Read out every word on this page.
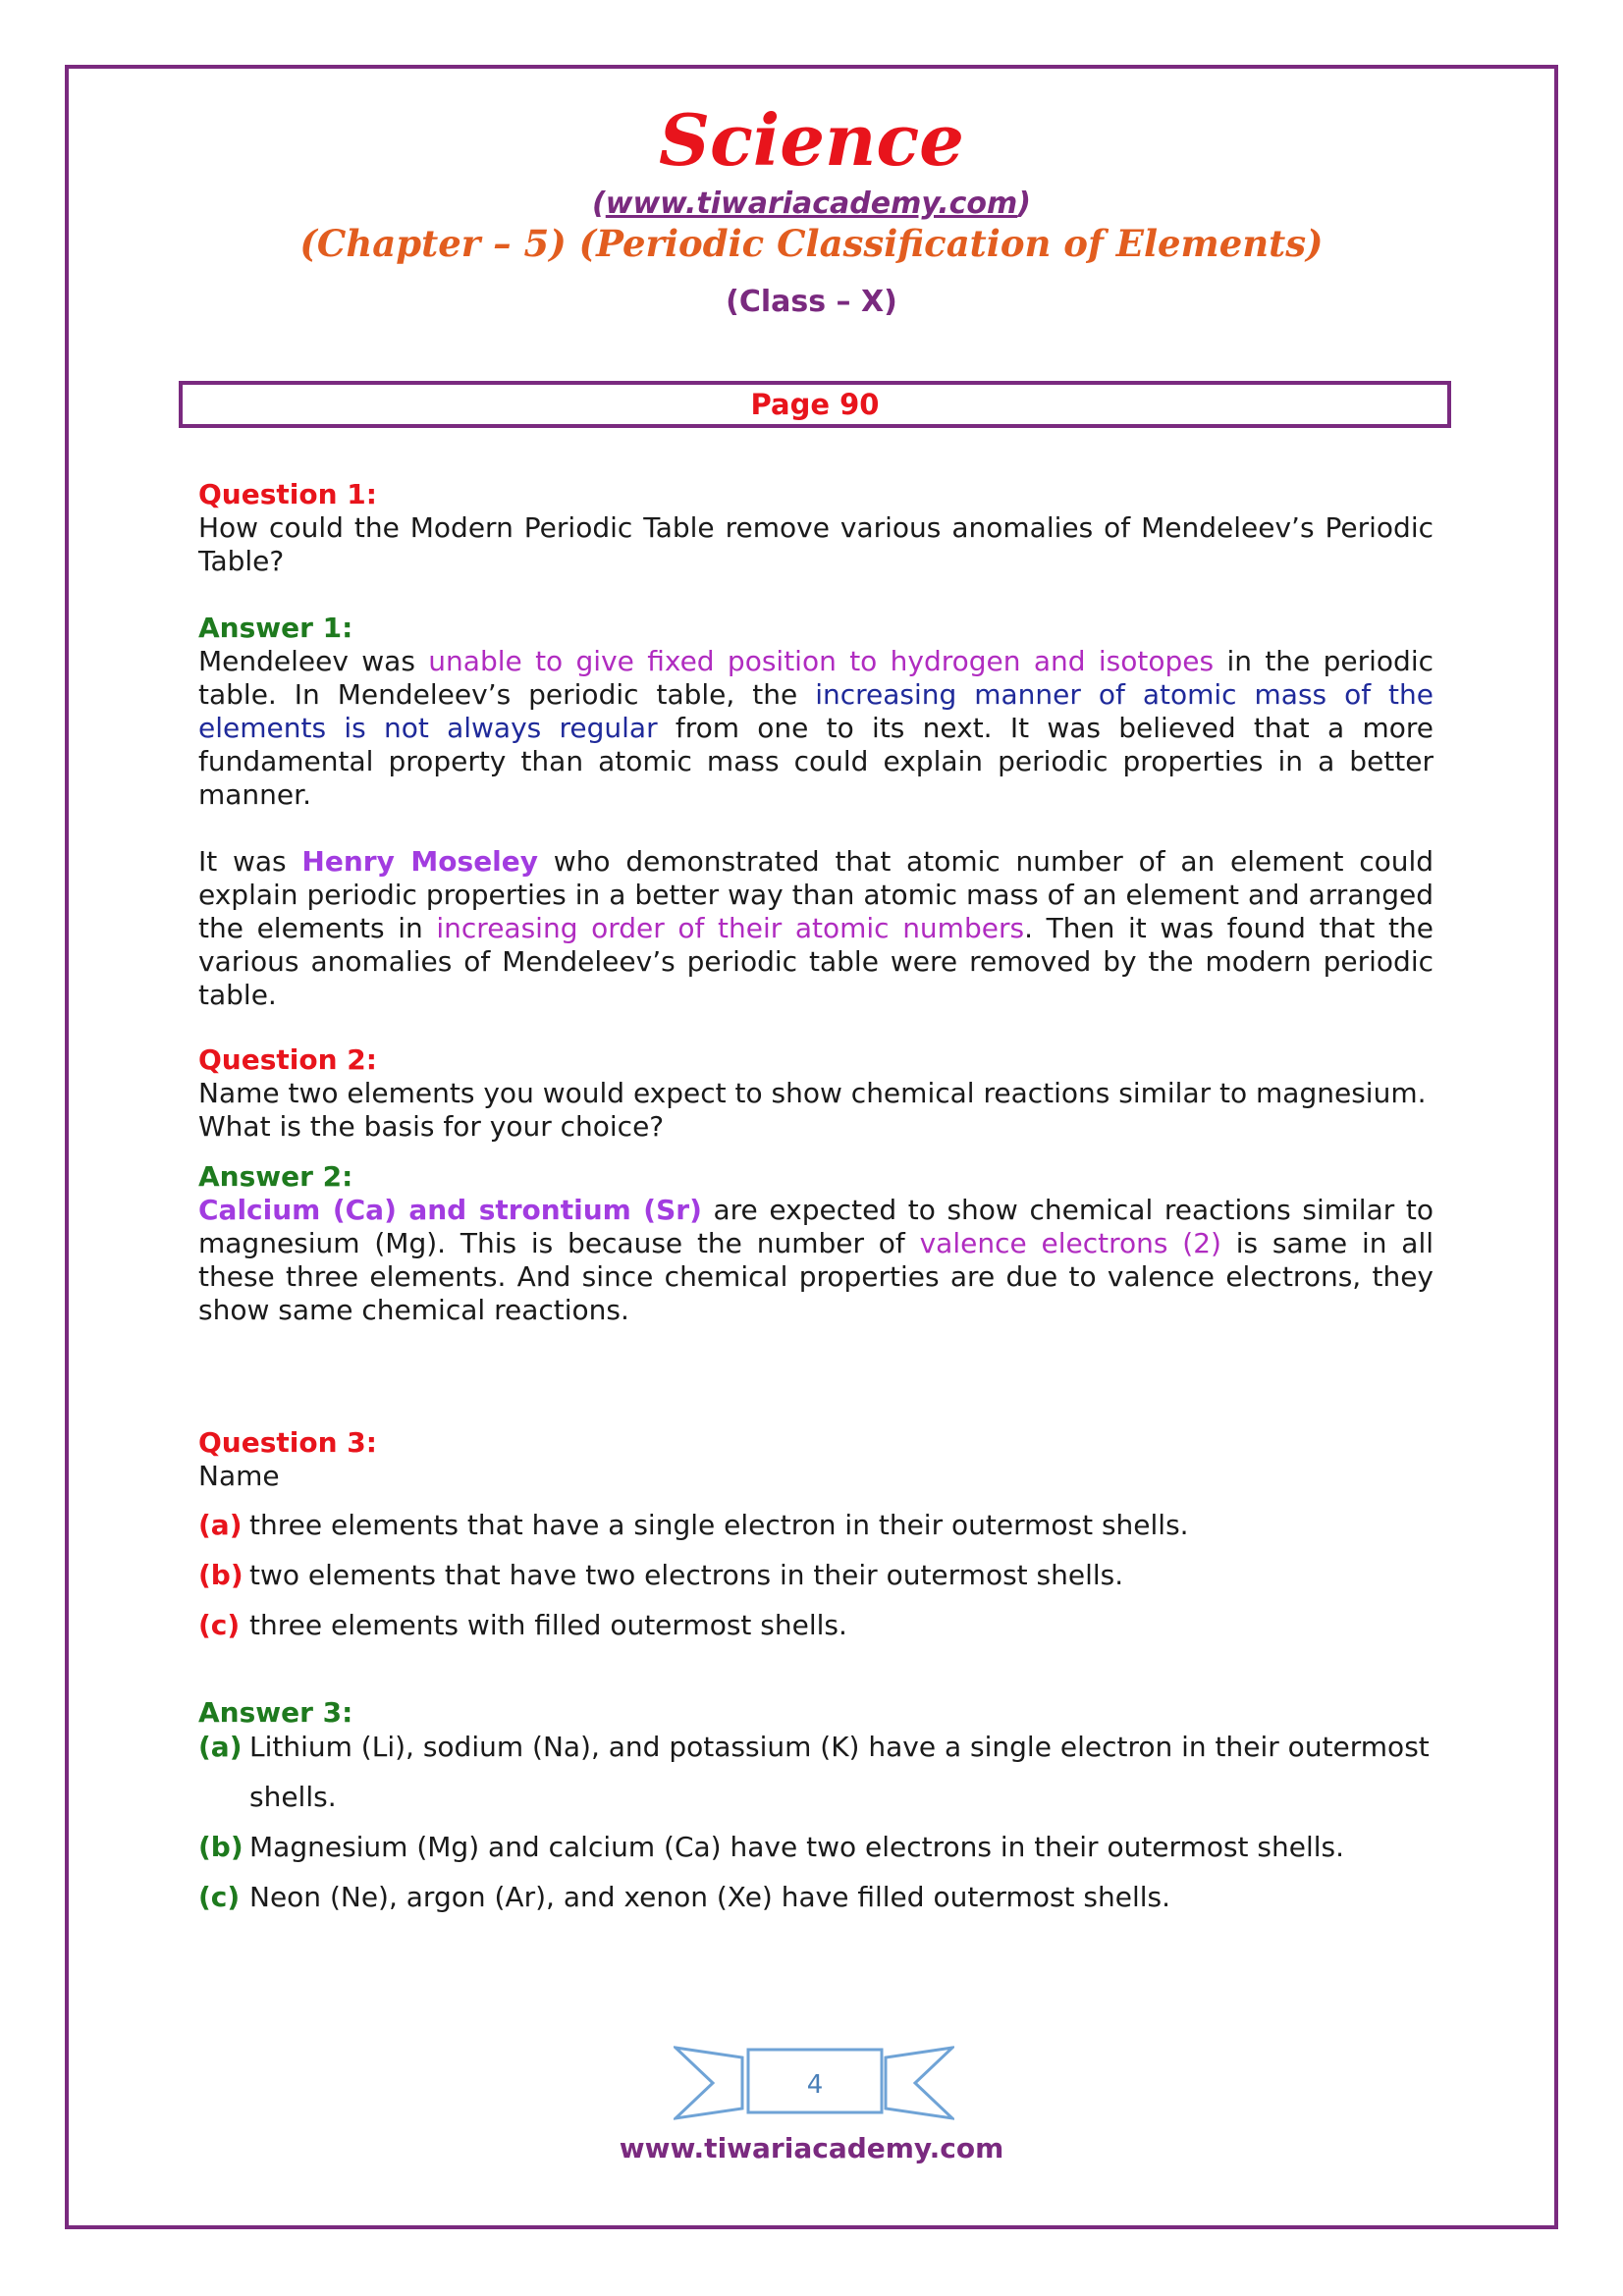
Science
(www.tiwariacademy.com)
(Chapter – 5) (Periodic Classification of Elements)
(Class – X)
Page 90
Question 1:
How could the Modern Periodic Table remove various anomalies of Mendeleev’s Periodic Table?
Answer 1:
Mendeleev was unable to give fixed position to hydrogen and isotopes in the periodic table. In Mendeleev’s periodic table, the increasing manner of atomic mass of the elements is not always regular from one to its next. It was believed that a more fundamental property than atomic mass could explain periodic properties in a better manner.
It was Henry Moseley who demonstrated that atomic number of an element could explain periodic properties in a better way than atomic mass of an element and arranged the elements in increasing order of their atomic numbers. Then it was found that the various anomalies of Mendeleev’s periodic table were removed by the modern periodic table.
Question 2:
Name two elements you would expect to show chemical reactions similar to magnesium. What is the basis for your choice?
Answer 2:
Calcium (Ca) and strontium (Sr) are expected to show chemical reactions similar to magnesium (Mg). This is because the number of valence electrons (2) is same in all these three elements. And since chemical properties are due to valence electrons, they show same chemical reactions.
Question 3:
Name
(a) three elements that have a single electron in their outermost shells.
(b) two elements that have two electrons in their outermost shells.
(c) three elements with filled outermost shells.
Answer 3:
(a) Lithium (Li), sodium (Na), and potassium (K) have a single electron in their outermost shells.
(b) Magnesium (Mg) and calcium (Ca) have two electrons in their outermost shells.
(c) Neon (Ne), argon (Ar), and xenon (Xe) have filled outermost shells.
4
www.tiwariacademy.com
